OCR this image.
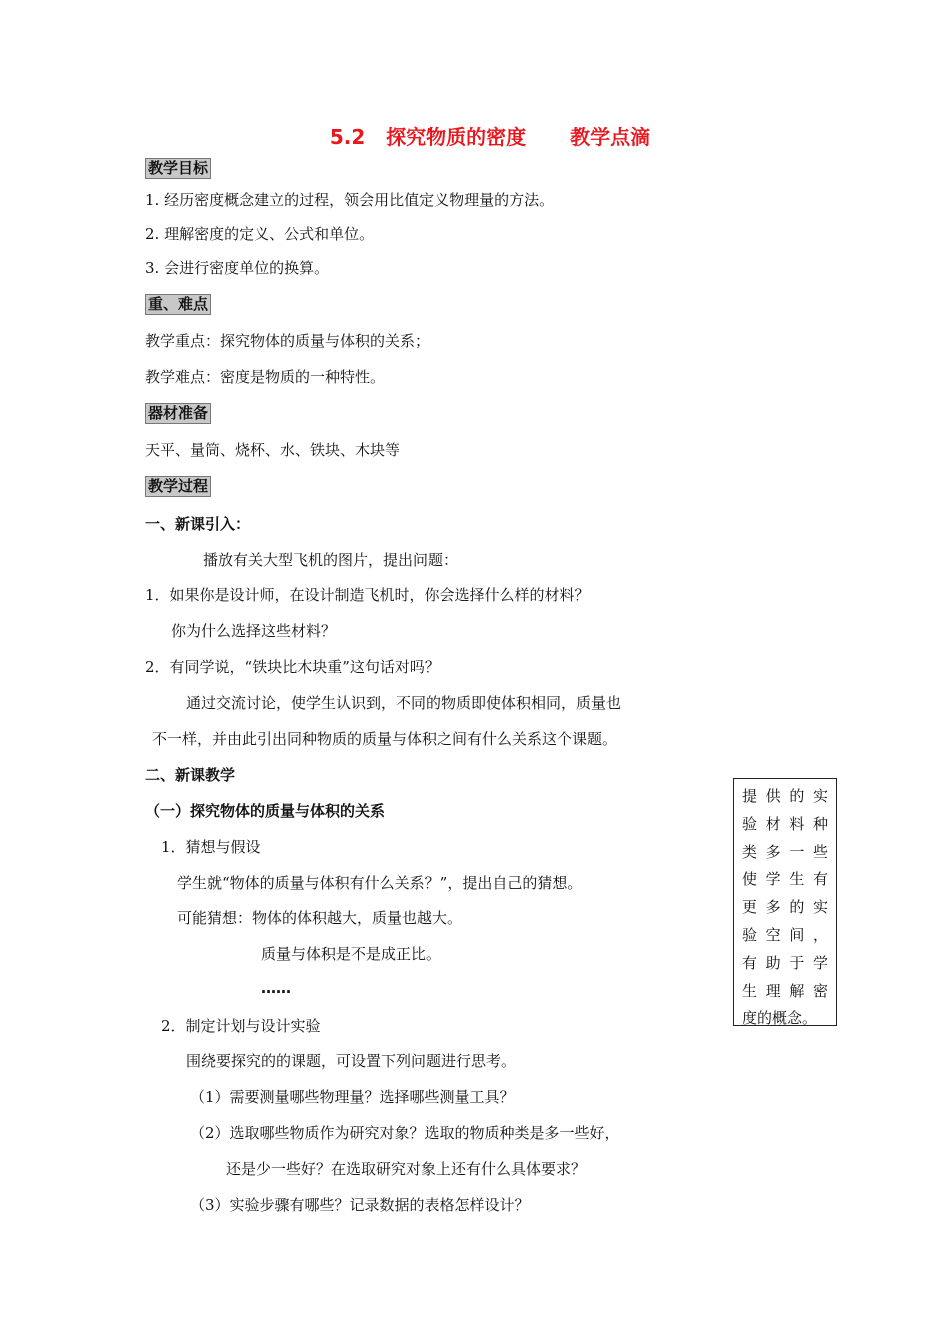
5.2 探究物质的密度 教学点滴
教学目标
1. 经历密度概念建立的过程，领会用比值定义物理量的方法。
2. 理解密度的定义、公式和单位。
3. 会进行密度单位的换算。
重、难点
教学重点：探究物体的质量与体积的关系；
教学难点：密度是物质的一种特性。
器材准备
天平、量筒、烧杯、水、铁块、木块等
教学过程
一、新课引入：
播放有关大型飞机的图片，提出问题：
1．如果你是设计师，在设计制造飞机时，你会选择什么样的材料？
你为什么选择这些材料？
2．有同学说，“铁块比木块重”这句话对吗？
通过交流讨论，使学生认识到，不同的物质即使体积相同，质量也
不一样，并由此引出同种物质的质量与体积之间有什么关系这个课题。
二、新课教学
（一）探究物体的质量与体积的关系
1．猜想与假设
学生就“物体的质量与体积有什么关系？”，提出自己的猜想。
可能猜想：物体的体积越大，质量也越大。
质量与体积是不是成正比。
……
2．制定计划与设计实验
围绕要探究的的课题，可设置下列问题进行思考。
（1）需要测量哪些物理量？选择哪些测量工具？
（2）选取哪些物质作为研究对象？选取的物质种类是多一些好，
还是少一些好？在选取研究对象上还有什么具体要求？
（3）实验步骤有哪些？记录数据的表格怎样设计？
提供的实
验材料种
类多一些
使学生有
更多的实
验空间，
有助于学
生理解密
度的概念。
